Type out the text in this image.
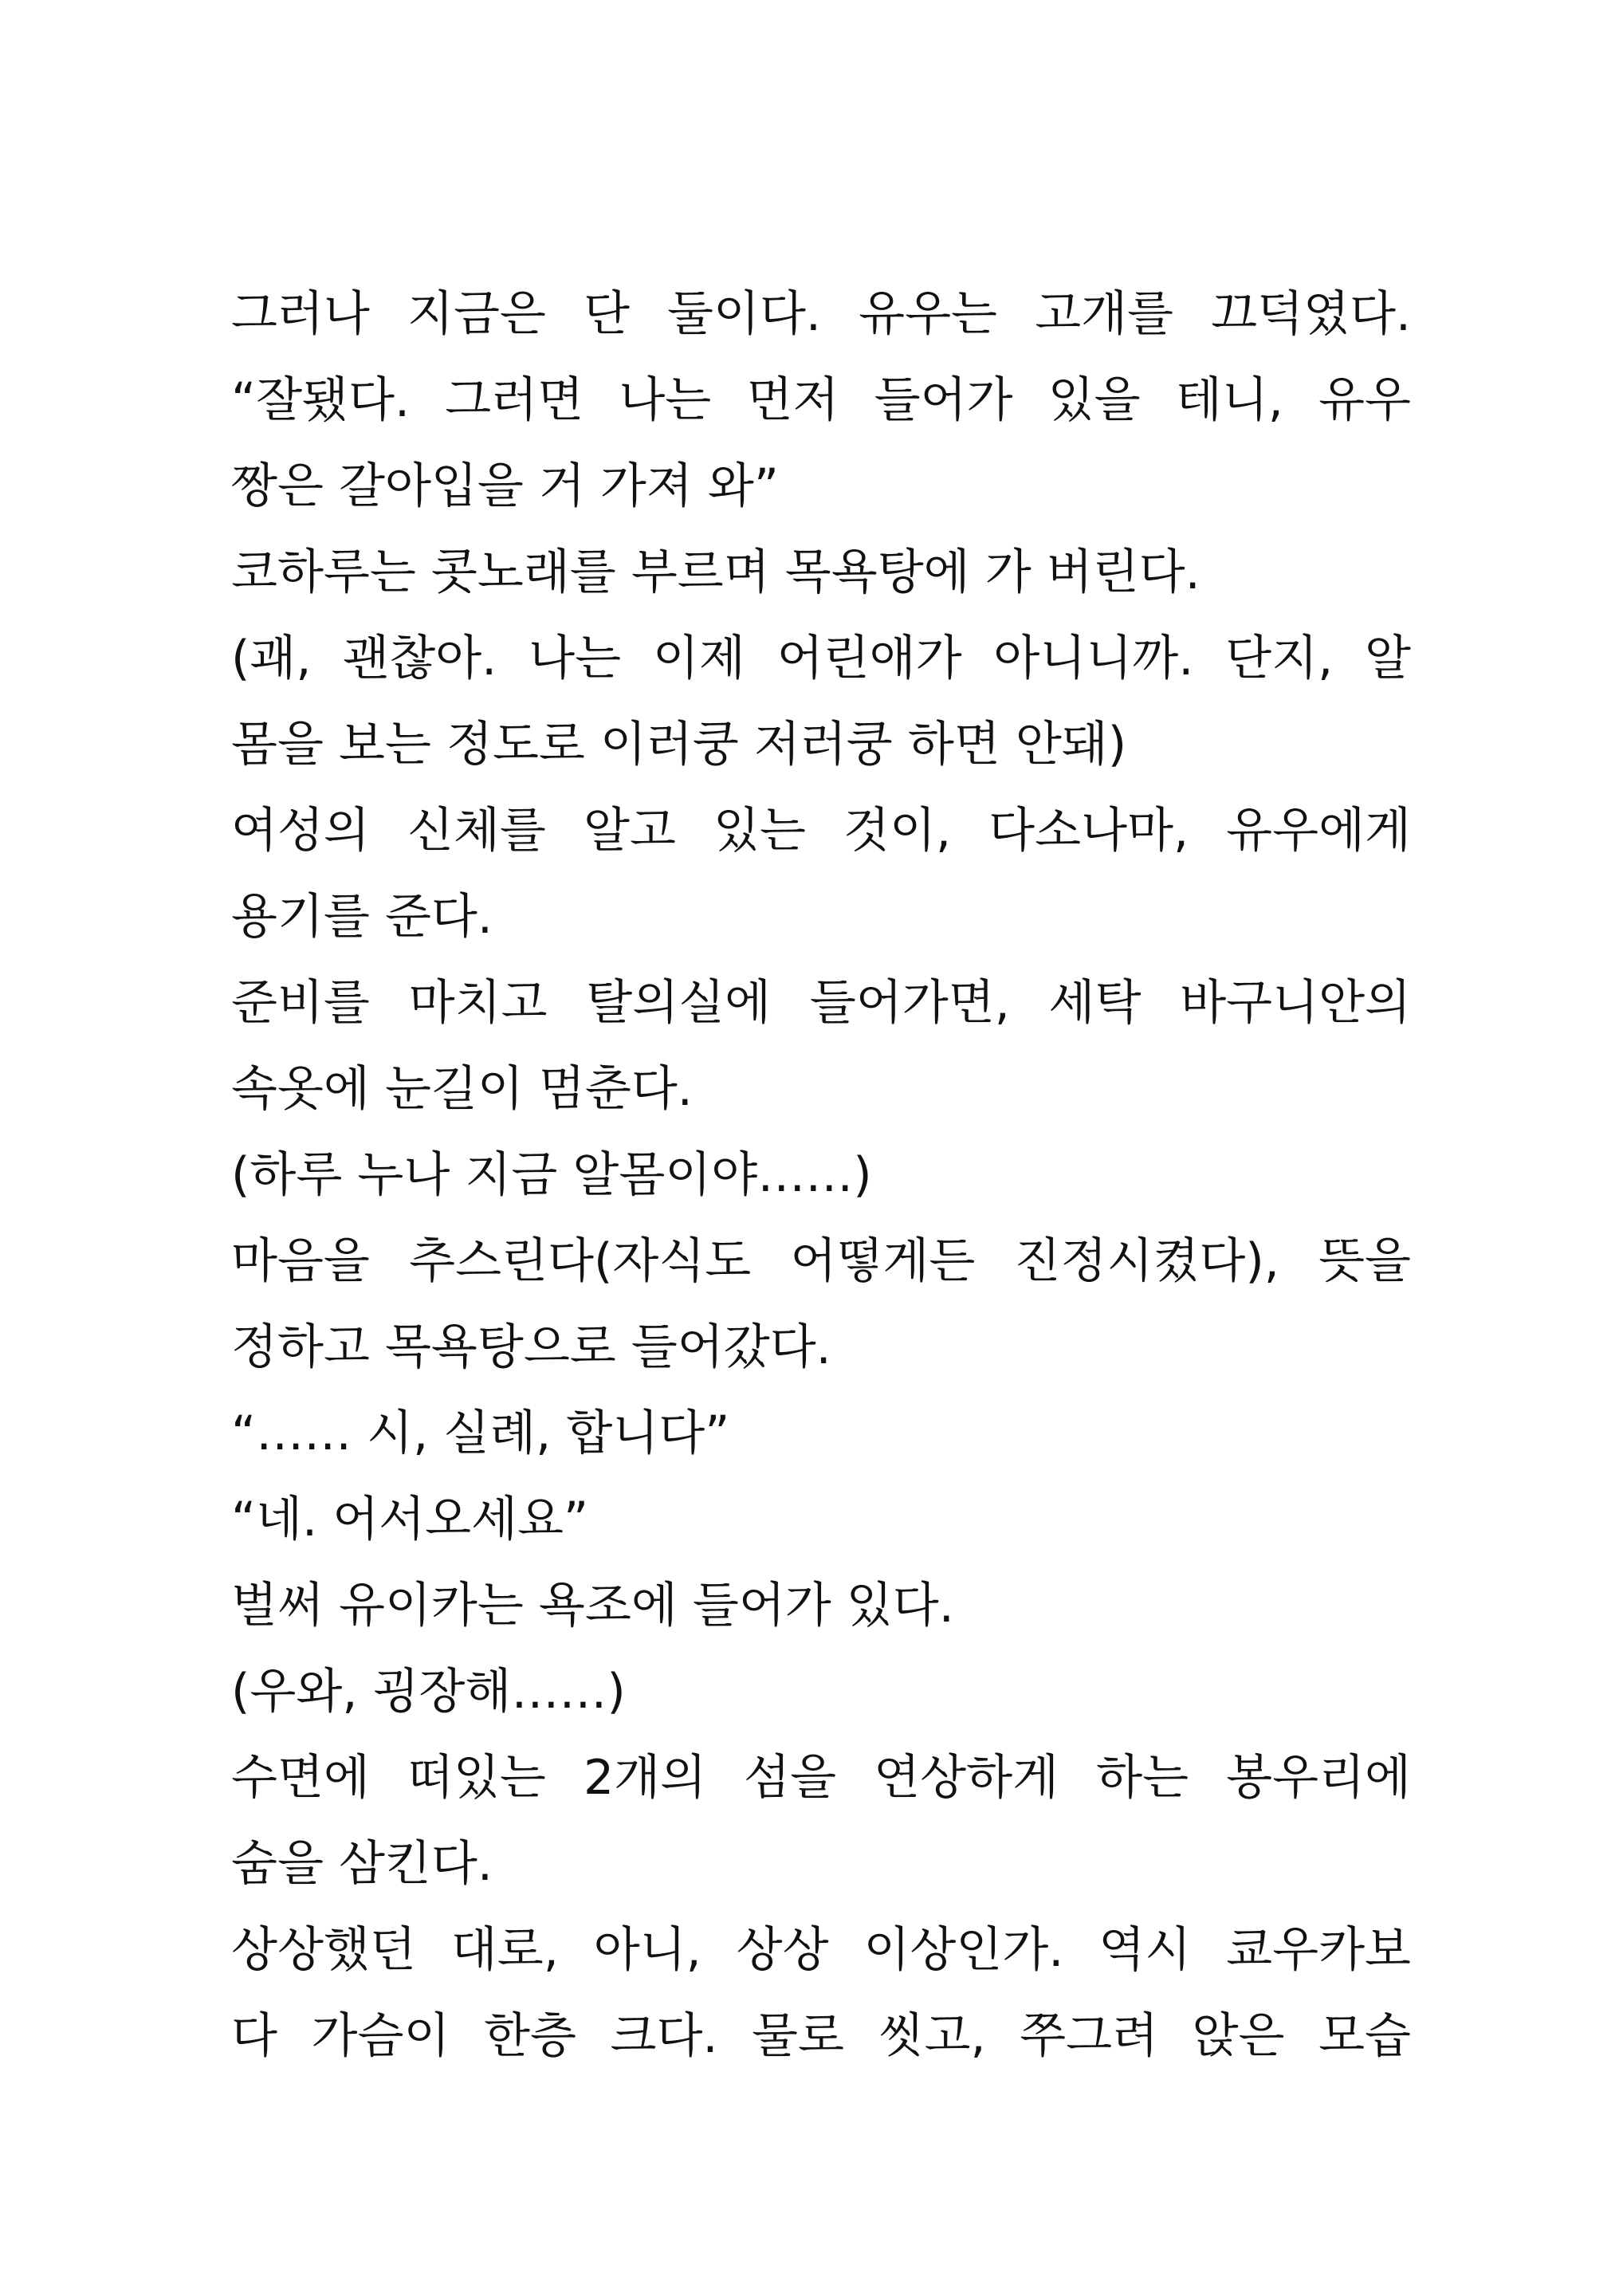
그러나 지금은 단 둘이다. 유우는 고개를 끄덕였다.
“잘됐다. 그러면 나는 먼저 들어가 있을 테니, 유우
짱은 갈아입을 거 가져 와”
코하루는 콧노래를 부르며 목욕탕에 가 버린다.
(괘, 괜찮아. 나는 이제 어린애가 아니니까. 단지, 알
몸을 보는 정도로 이러쿵 저러쿵 하면 안돼)
여성의 신체를 알고 있는 것이, 다소나마, 유우에게
용기를 준다.
준비를 마치고 탈의실에 들어가면, 세탁 바구니안의
속옷에 눈길이 멈춘다.
(하루 누나 지금 알몸이야……)
마음을 추스린다(자식도 어떻게든 진정시켰다), 뜻을
정하고 목욕탕으로 들어갔다.
“…… 시, 실례, 합니다”
“네. 어서오세요”
벌써 유이카는 욕조에 들어가 있다.
(우와, 굉장해……)
수면에 떠있는 2개의 섬을 연상하게 하는 봉우리에
숨을 삼킨다.
상상했던 대로, 아니, 상상 이상인가. 역시 쿄우카보
다 가슴이 한층 크다. 물로 씻고, 쭈그려 앉은 모습
